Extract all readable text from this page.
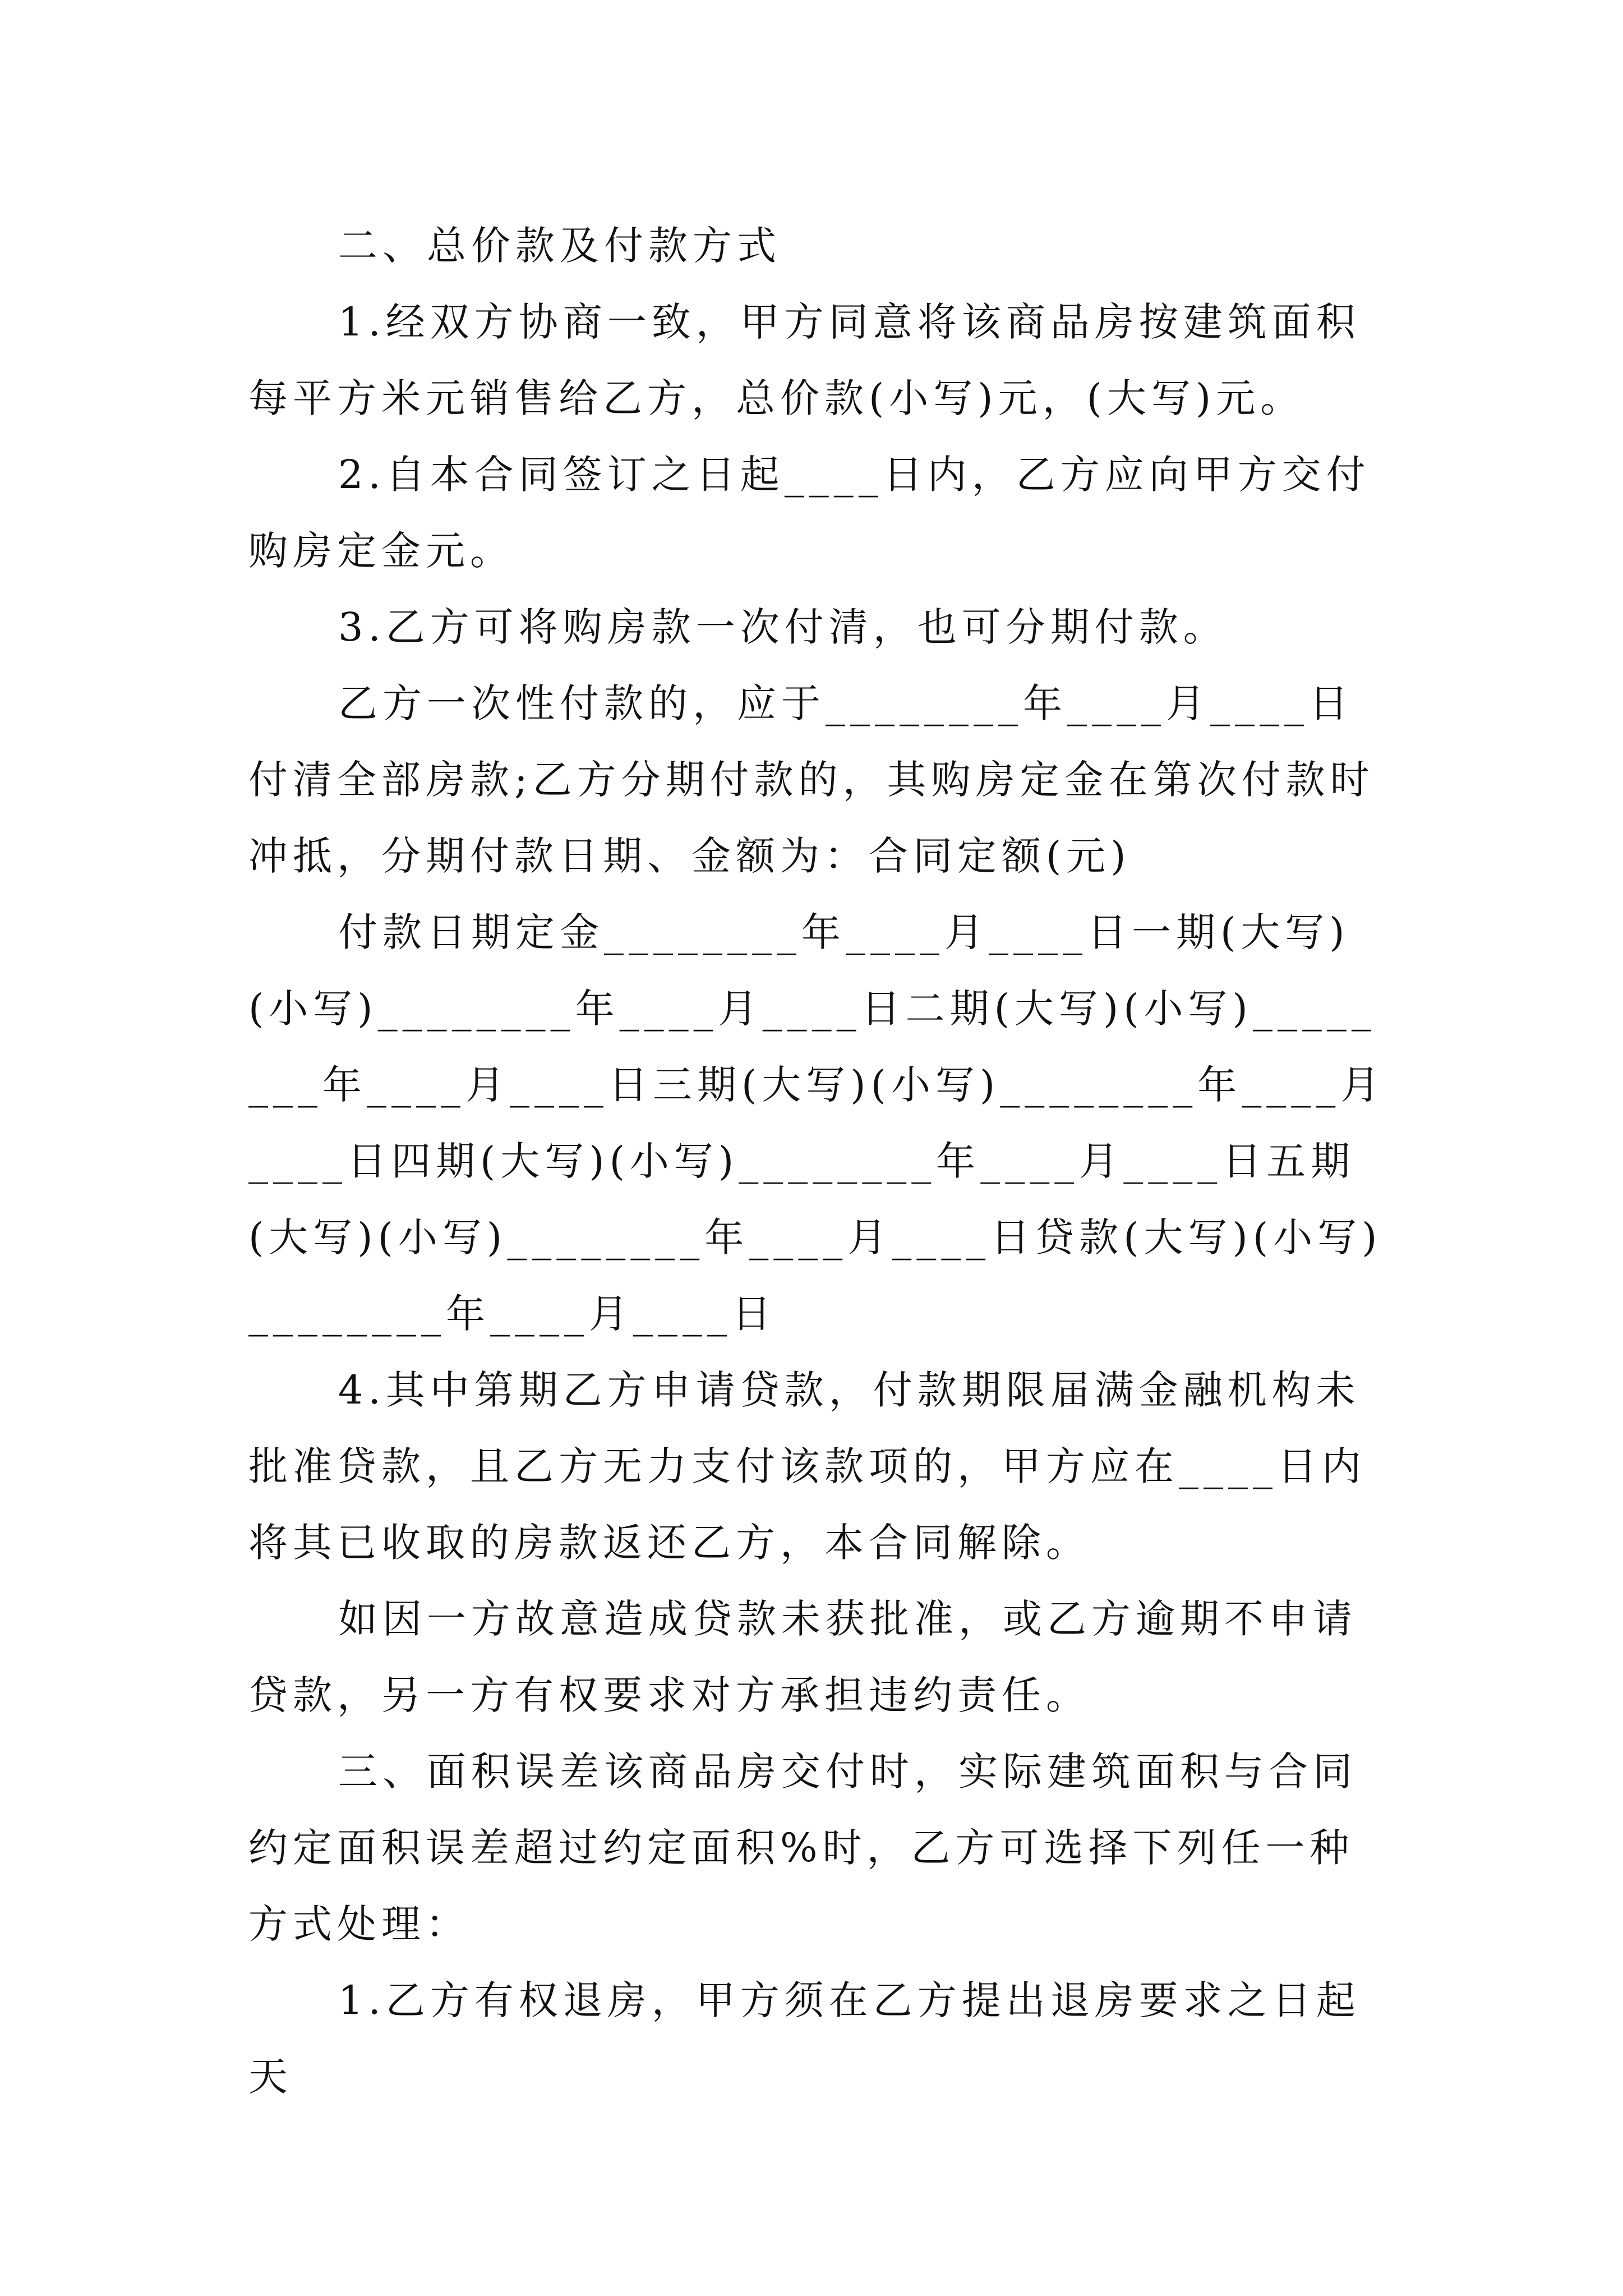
二、总价款及付款方式

1.经双方协商一致，甲方同意将该商品房按建筑面积每平方米元销售给乙方，总价款(小写)元，(大写)元。

2.自本合同签订之日起____日内，乙方应向甲方交付购房定金元。

3.乙方可将购房款一次付清，也可分期付款。

乙方一次性付款的，应于________年____月____日付清全部房款;乙方分期付款的，其购房定金在第次付款时冲抵，分期付款日期、金额为：合同定额(元)

付款日期定金________年____月____日一期(大写)(小写)________年____月____日二期(大写)(小写)________年____月____日三期(大写)(小写)________年____月____日四期(大写)(小写)________年____月____日五期(大写)(小写)________年____月____日贷款(大写)(小写)________年____月____日

4.其中第期乙方申请贷款，付款期限届满金融机构未批准贷款，且乙方无力支付该款项的，甲方应在____日内将其已收取的房款返还乙方，本合同解除。

如因一方故意造成贷款未获批准，或乙方逾期不申请贷款，另一方有权要求对方承担违约责任。

三、面积误差该商品房交付时，实际建筑面积与合同约定面积误差超过约定面积%时，乙方可选择下列任一种方式处理：

1.乙方有权退房，甲方须在乙方提出退房要求之日起天
